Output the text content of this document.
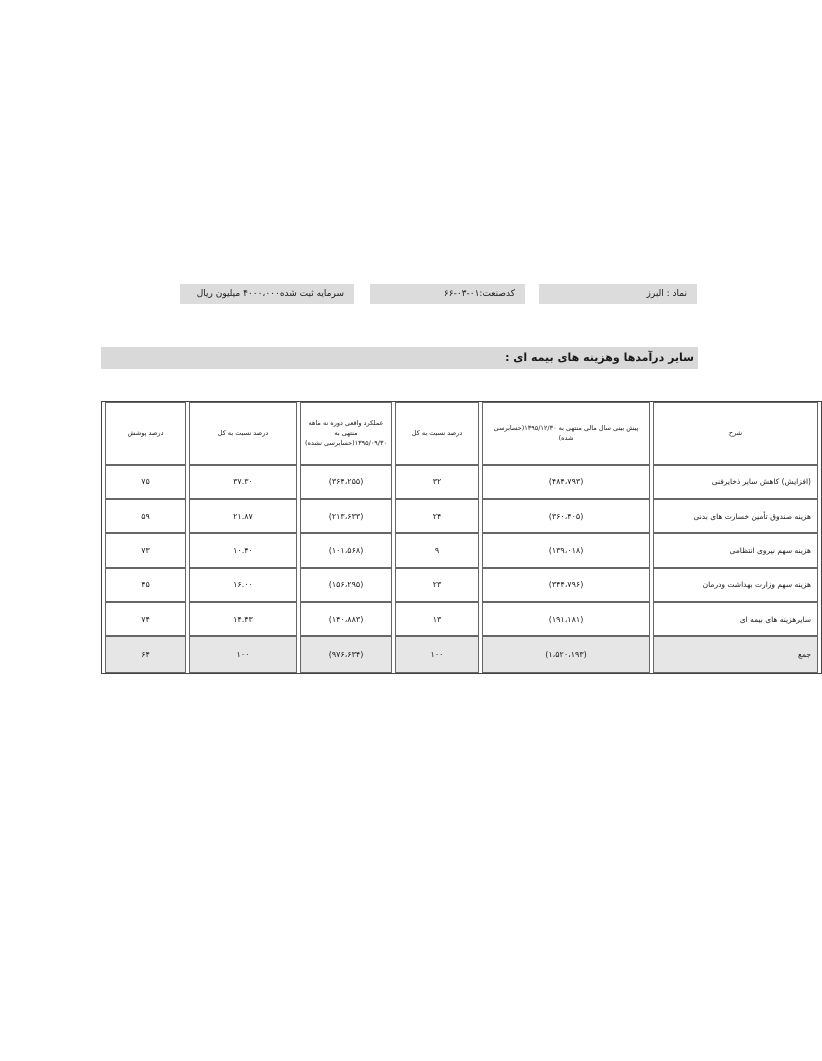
نماد : البرز
کدصنعت:۰۱-۰۳-۶۶
سرمایه ثبت شده۴۰۰۰،۰۰۰ میلیون ریال
سایر درآمدها وهزینه های بیمه ای :
شرح	پیش بینی سال مالی منتهی به ۱۳۹۵/۱۲/۳۰(حسابرسی شده)	درصد نسبت به کل	عملکرد واقعی دوره نه ماهه منتهی به ۱۳۹۵/۰۹/۳۰(حسابرسی نشده)	درصد نسبت به کل	درصد پوشش
(افزایش) کاهش سایر ذخایرفنی	(۴۸۴،۷۹۳)	۳۲	(۳۶۴،۲۵۵)	۳۷.۳۰	۷۵
هزینه صندوق تأمین خسارت های بدنی	(۳۶۰،۴۰۵)	۲۴	(۲۱۳،۶۳۳)	۲۱.۸۷	۵۹
هزینه سهم نیروی انتظامی	(۱۳۹،۰۱۸)	۹	(۱۰۱،۵۶۸)	۱۰.۴۰	۷۳
هزینه سهم وزارت بهداشت ودرمان	(۳۴۴،۷۹۶)	۲۳	(۱۵۶،۲۹۵)	۱۶.۰۰	۴۵
سایرهزینه های بیمه ای	(۱۹۱،۱۸۱)	۱۳	(۱۴۰،۸۸۳)	۱۴.۴۳	۷۴
جمع	(۱،۵۲۰،۱۹۳)	۱۰۰	(۹۷۶،۶۳۴)	۱۰۰	۶۴
